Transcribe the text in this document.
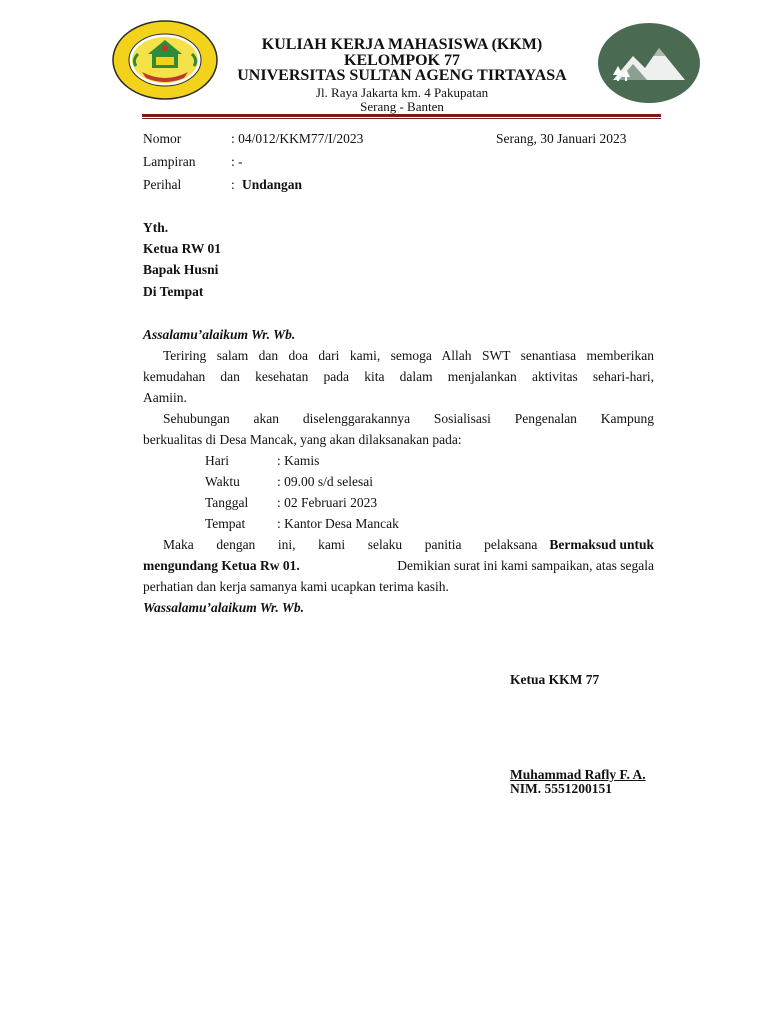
KULIAH KERJA MAHASISWA (KKM)
KELOMPOK 77
UNIVERSITAS SULTAN AGENG TIRTAYASA
Jl. Raya Jakarta km. 4 Pakupatan
Serang - Banten
Nomor	: 04/012/KKM77/I/2023	Serang, 30 Januari 2023
Lampiran	: -
Perihal	: Undangan
Yth.
Ketua RW 01
Bapak Husni
Di Tempat
Assalamu’alaikum Wr. Wb.
Teriring salam dan doa dari kami, semoga Allah SWT senantiasa memberikan
kemudahan dan kesehatan pada kita dalam menjalankan aktivitas sehari-hari,
Aamiin.
Sehubungan akan diselenggarakannya Sosialisasi Pengenalan Kampung
berkualitas di Desa Mancak, yang akan dilaksanakan pada:
Hari	: Kamis
Waktu	: 09.00 s/d selesai
Tanggal : 02 Februari 2023
Tempat : Kantor Desa Mancak
Maka dengan ini, kami selaku panitia pelaksana Bermaksud untuk
mengundang Ketua Rw 01.	Demikian surat ini kami sampaikan, atas segala
perhatian dan kerja samanya kami ucapkan terima kasih.
Wassalamu’alaikum Wr. Wb.
Ketua KKM 77
Muhammad Rafly F. A.
NIM. 5551200151
